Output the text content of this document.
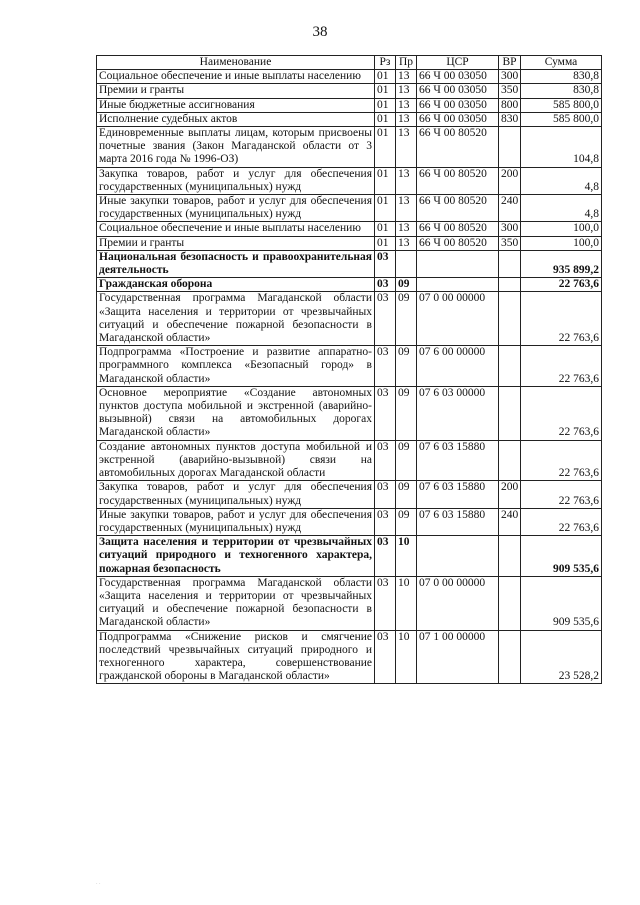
38
Наименование	Рз	Пр	ЦСР	ВР	Сумма
Социальное обеспечение и иные выплаты населению	01	13	66 Ч 00 03050	300	830,8
Премии и гранты	01	13	66 Ч 00 03050	350	830,8
Иные бюджетные ассигнования	01	13	66 Ч 00 03050	800	585 800,0
Исполнение судебных актов	01	13	66 Ч 00 03050	830	585 800,0
Единовременные выплаты лицам, которым присвоены почетные звания (Закон Магаданской области от 3 марта 2016 года № 1996-ОЗ)	01	13	66 Ч 00 80520		104,8
Закупка товаров, работ и услуг для обеспечения государственных (муниципальных) нужд	01	13	66 Ч 00 80520	200	4,8
Иные закупки товаров, работ и услуг для обеспечения государственных (муниципальных) нужд	01	13	66 Ч 00 80520	240	4,8
Социальное обеспечение и иные выплаты населению	01	13	66 Ч 00 80520	300	100,0
Премии и гранты	01	13	66 Ч 00 80520	350	100,0
Национальная безопасность и правоохранительная деятельность	03				935 899,2
Гражданская оборона	03	09			22 763,6
Государственная программа Магаданской области «Защита населения и территории от чрезвычайных ситуаций и обеспечение пожарной безопасности в Магаданской области»	03	09	07 0 00 00000		22 763,6
Подпрограмма «Построение и развитие аппаратно-программного комплекса «Безопасный город» в Магаданской области»	03	09	07 6 00 00000		22 763,6
Основное мероприятие «Создание автономных пунктов доступа мобильной и экстренной (аварийно-вызывной) связи на автомобильных дорогах Магаданской области»	03	09	07 6 03 00000		22 763,6
Создание автономных пунктов доступа мобильной и экстренной (аварийно-вызывной) связи на автомобильных дорогах Магаданской области	03	09	07 6 03 15880		22 763,6
Закупка товаров, работ и услуг для обеспечения государственных (муниципальных) нужд	03	09	07 6 03 15880	200	22 763,6
Иные закупки товаров, работ и услуг для обеспечения государственных (муниципальных) нужд	03	09	07 6 03 15880	240	22 763,6
Защита населения и территории от чрезвычайных ситуаций природного и техногенного характера, пожарная безопасность	03	10			909 535,6
Государственная программа Магаданской области «Защита населения и территории от чрезвычайных ситуаций и обеспечение пожарной безопасности в Магаданской области»	03	10	07 0 00 00000		909 535,6
Подпрограмма «Снижение рисков и смягчение последствий чрезвычайных ситуаций природного и техногенного характера, совершенствование гражданской обороны в Магаданской области»	03	10	07 1 00 00000		23 528,2
. .
